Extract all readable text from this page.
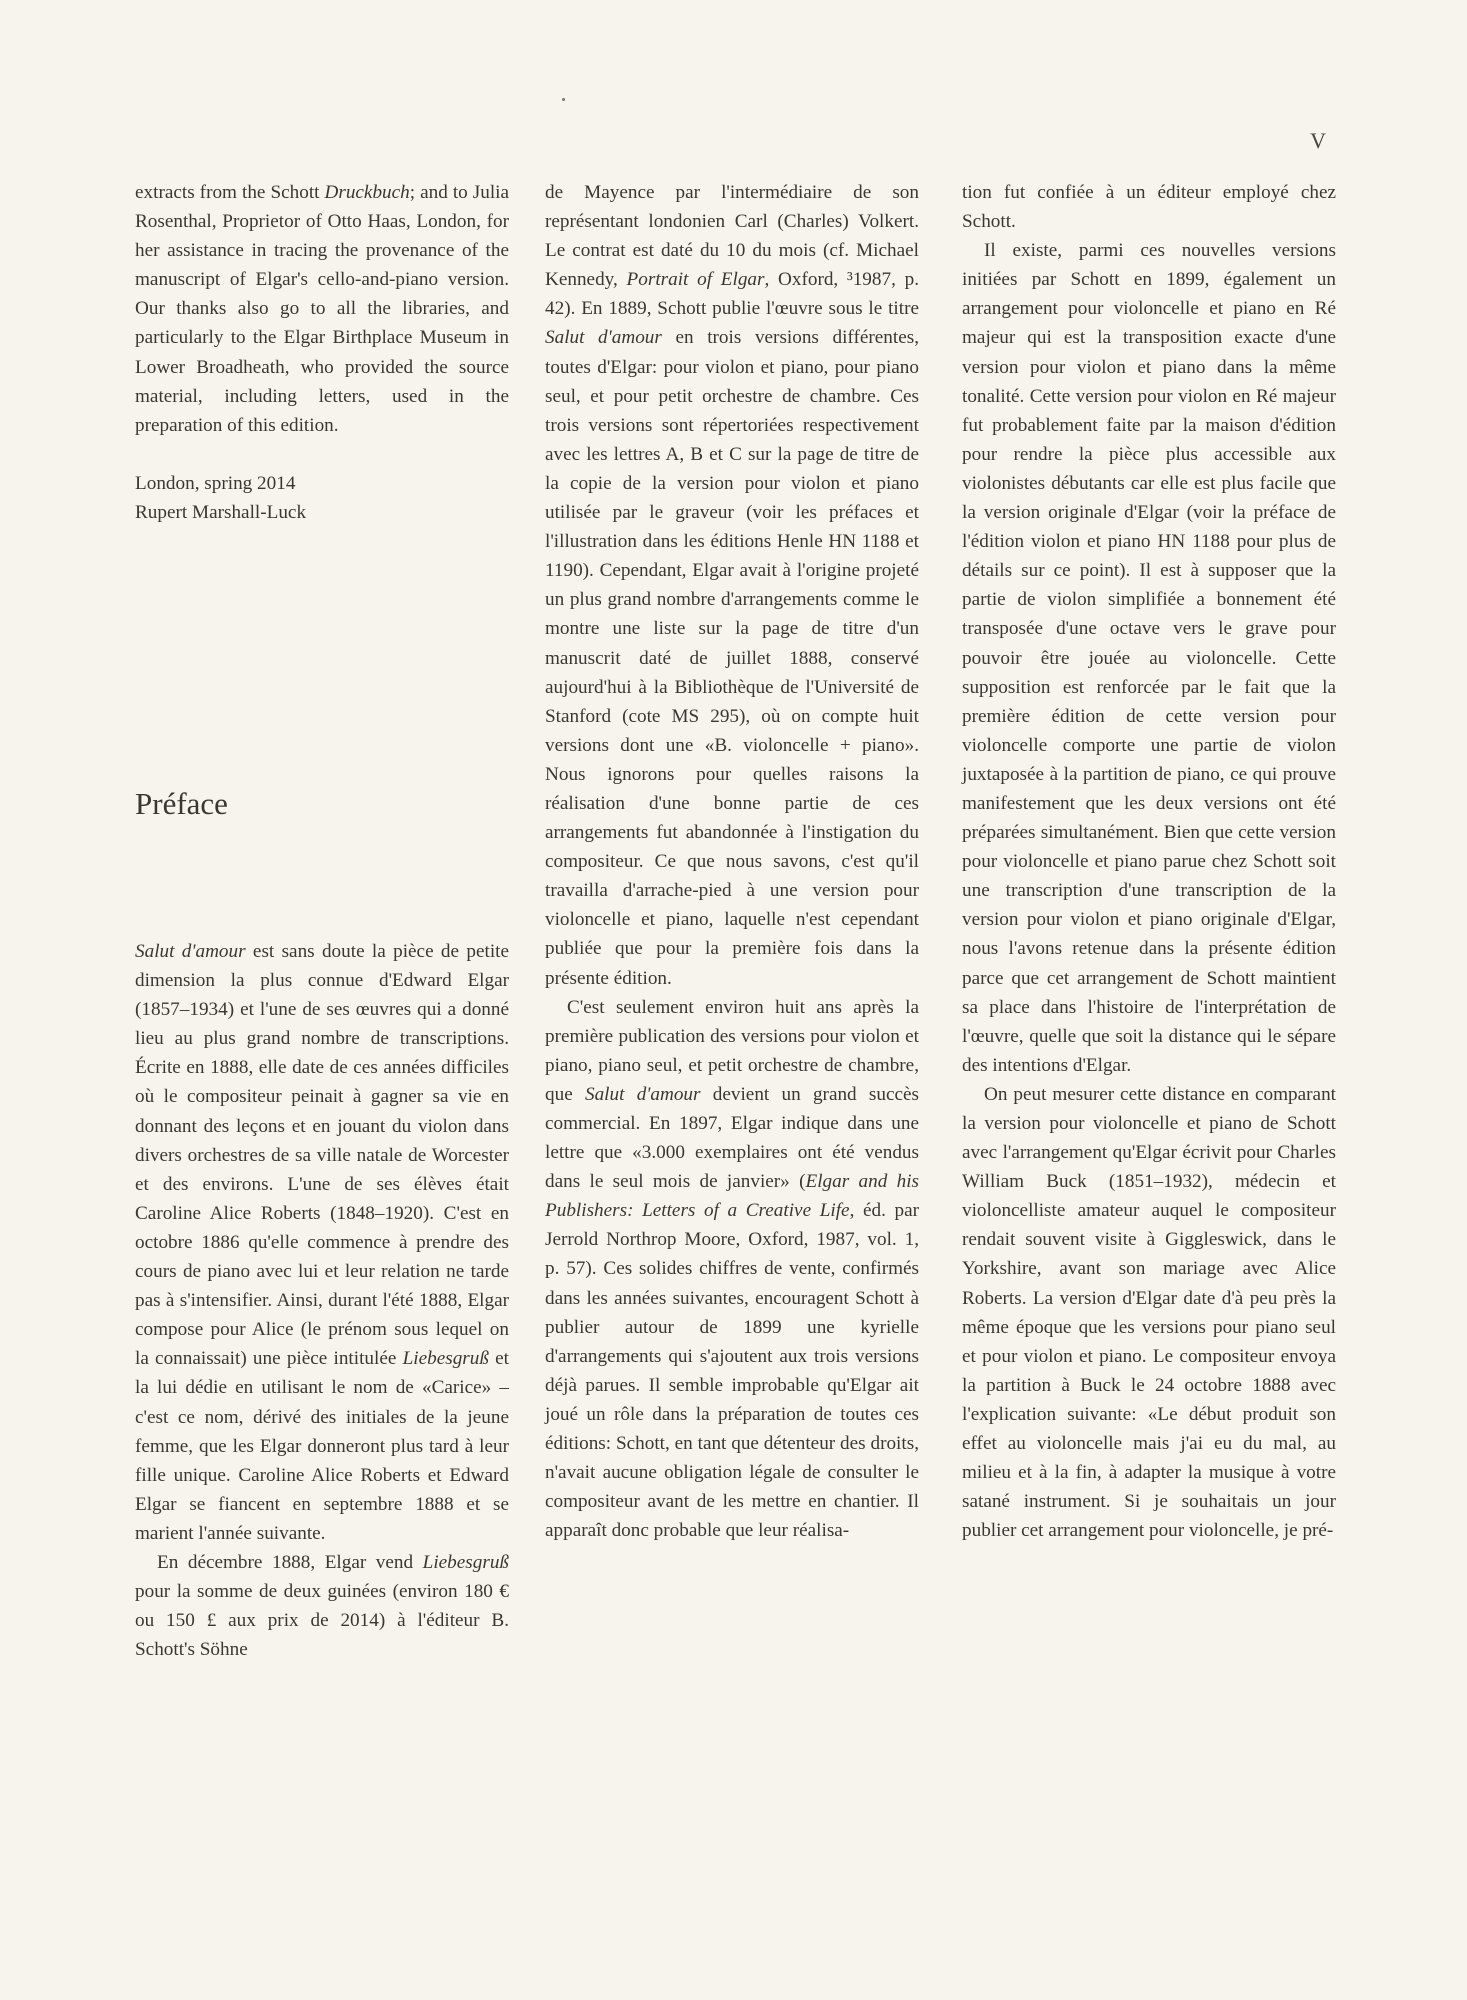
V

extracts from the Schott Druckbuch; and to Julia Rosenthal, Proprietor of Otto Haas, London, for her assistance in tracing the provenance of the manuscript of Elgar's cello-and-piano version. Our thanks also go to all the libraries, and particularly to the Elgar Birthplace Museum in Lower Broadheath, who provided the source material, including letters, used in the preparation of this edition.

London, spring 2014

Rupert Marshall-Luck

Préface

Salut d'amour est sans doute la pièce de petite dimension la plus connue d'Edward Elgar (1857–1934) et l'une de ses œuvres qui a donné lieu au plus grand nombre de transcriptions. Écrite en 1888, elle date de ces années difficiles où le compositeur peinait à gagner sa vie en donnant des leçons et en jouant du violon dans divers orchestres de sa ville natale de Worcester et des environs. L'une de ses élèves était Caroline Alice Roberts (1848–1920). C'est en octobre 1886 qu'elle commence à prendre des cours de piano avec lui et leur relation ne tarde pas à s'intensifier. Ainsi, durant l'été 1888, Elgar compose pour Alice (le prénom sous lequel on la connaissait) une pièce intitulée Liebesgruß et la lui dédie en utilisant le nom de «Carice» – c'est ce nom, dérivé des initiales de la jeune femme, que les Elgar donneront plus tard à leur fille unique. Caroline Alice Roberts et Edward Elgar se fiancent en septembre 1888 et se marient l'année suivante.

En décembre 1888, Elgar vend Liebesgruß pour la somme de deux guinées (environ 180 € ou 150 £ aux prix de 2014) à l'éditeur B. Schott's Söhne

de Mayence par l'intermédiaire de son représentant londonien Carl (Charles) Volkert. Le contrat est daté du 10 du mois (cf. Michael Kennedy, Portrait of Elgar, Oxford, ³1987, p. 42). En 1889, Schott publie l'œuvre sous le titre Salut d'amour en trois versions différentes, toutes d'Elgar: pour violon et piano, pour piano seul, et pour petit orchestre de chambre. Ces trois versions sont répertoriées respectivement avec les lettres A, B et C sur la page de titre de la copie de la version pour violon et piano utilisée par le graveur (voir les préfaces et l'illustration dans les éditions Henle HN 1188 et 1190). Cependant, Elgar avait à l'origine projeté un plus grand nombre d'arrangements comme le montre une liste sur la page de titre d'un manuscrit daté de juillet 1888, conservé aujourd'hui à la Bibliothèque de l'Université de Stanford (cote MS 295), où on compte huit versions dont une «B. violoncelle + piano». Nous ignorons pour quelles raisons la réalisation d'une bonne partie de ces arrangements fut abandonnée à l'instigation du compositeur. Ce que nous savons, c'est qu'il travailla d'arrache-pied à une version pour violoncelle et piano, laquelle n'est cependant publiée que pour la première fois dans la présente édition.

C'est seulement environ huit ans après la première publication des versions pour violon et piano, piano seul, et petit orchestre de chambre, que Salut d'amour devient un grand succès commercial. En 1897, Elgar indique dans une lettre que «3.000 exemplaires ont été vendus dans le seul mois de janvier» (Elgar and his Publishers: Letters of a Creative Life, éd. par Jerrold Northrop Moore, Oxford, 1987, vol. 1, p. 57). Ces solides chiffres de vente, confirmés dans les années suivantes, encouragent Schott à publier autour de 1899 une kyrielle d'arrangements qui s'ajoutent aux trois versions déjà parues. Il semble improbable qu'Elgar ait joué un rôle dans la préparation de toutes ces éditions: Schott, en tant que détenteur des droits, n'avait aucune obligation légale de consulter le compositeur avant de les mettre en chantier. Il apparaît donc probable que leur réalisa-

tion fut confiée à un éditeur employé chez Schott.

Il existe, parmi ces nouvelles versions initiées par Schott en 1899, également un arrangement pour violoncelle et piano en Ré majeur qui est la transposition exacte d'une version pour violon et piano dans la même tonalité. Cette version pour violon en Ré majeur fut probablement faite par la maison d'édition pour rendre la pièce plus accessible aux violonistes débutants car elle est plus facile que la version originale d'Elgar (voir la préface de l'édition violon et piano HN 1188 pour plus de détails sur ce point). Il est à supposer que la partie de violon simplifiée a bonnement été transposée d'une octave vers le grave pour pouvoir être jouée au violoncelle. Cette supposition est renforcée par le fait que la première édition de cette version pour violoncelle comporte une partie de violon juxtaposée à la partition de piano, ce qui prouve manifestement que les deux versions ont été préparées simultanément. Bien que cette version pour violoncelle et piano parue chez Schott soit une transcription d'une transcription de la version pour violon et piano originale d'Elgar, nous l'avons retenue dans la présente édition parce que cet arrangement de Schott maintient sa place dans l'histoire de l'interprétation de l'œuvre, quelle que soit la distance qui le sépare des intentions d'Elgar.

On peut mesurer cette distance en comparant la version pour violoncelle et piano de Schott avec l'arrangement qu'Elgar écrivit pour Charles William Buck (1851–1932), médecin et violoncelliste amateur auquel le compositeur rendait souvent visite à Giggleswick, dans le Yorkshire, avant son mariage avec Alice Roberts. La version d'Elgar date d'à peu près la même époque que les versions pour piano seul et pour violon et piano. Le compositeur envoya la partition à Buck le 24 octobre 1888 avec l'explication suivante: «Le début produit son effet au violoncelle mais j'ai eu du mal, au milieu et à la fin, à adapter la musique à votre satané instrument. Si je souhaitais un jour publier cet arrangement pour violoncelle, je pré-
